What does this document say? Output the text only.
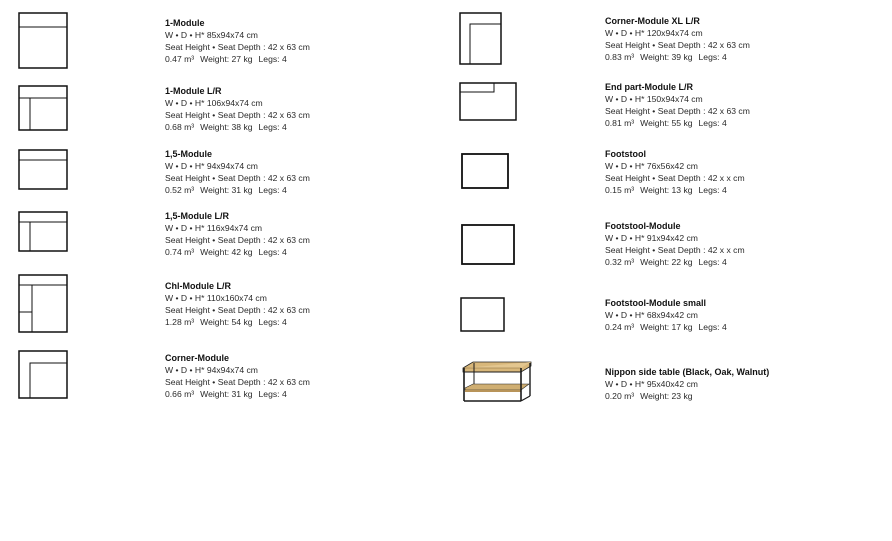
1-Module
W • D • H* 85x94x74 cm
Seat Height • Seat Depth : 42 x 63 cm
0.47 m³ Weight: 27 kg Legs: 4
1-Module L/R
W • D • H* 106x94x74 cm
Seat Height • Seat Depth : 42 x 63 cm
0.68 m³ Weight: 38 kg Legs: 4
1,5-Module
W • D • H* 94x94x74 cm
Seat Height • Seat Depth : 42 x 63 cm
0.52 m³ Weight: 31 kg Legs: 4
1,5-Module L/R
W • D • H* 116x94x74 cm
Seat Height • Seat Depth : 42 x 63 cm
0.74 m³ Weight: 42 kg Legs: 4
Chl-Module L/R
W • D • H* 110x160x74 cm
Seat Height • Seat Depth : 42 x 63 cm
1.28 m³ Weight: 54 kg Legs: 4
Corner-Module
W • D • H* 94x94x74 cm
Seat Height • Seat Depth : 42 x 63 cm
0.66 m³ Weight: 31 kg Legs: 4
Corner-Module XL L/R
W • D • H* 120x94x74 cm
Seat Height • Seat Depth : 42 x 63 cm
0.83 m³ Weight: 39 kg Legs: 4
End part-Module L/R
W • D • H* 150x94x74 cm
Seat Height • Seat Depth : 42 x 63 cm
0.81 m³ Weight: 55 kg Legs: 4
Footstool
W • D • H* 76x56x42 cm
Seat Height • Seat Depth : 42 x x cm
0.15 m³ Weight: 13 kg Legs: 4
Footstool-Module
W • D • H* 91x94x42 cm
Seat Height • Seat Depth : 42 x x cm
0.32 m³ Weight: 22 kg Legs: 4
Footstool-Module small
W • D • H* 68x94x42 cm
0.24 m³ Weight: 17 kg Legs: 4
Nippon side table (Black, Oak, Walnut)
W • D • H* 95x40x42 cm
0.20 m³ Weight: 23 kg
